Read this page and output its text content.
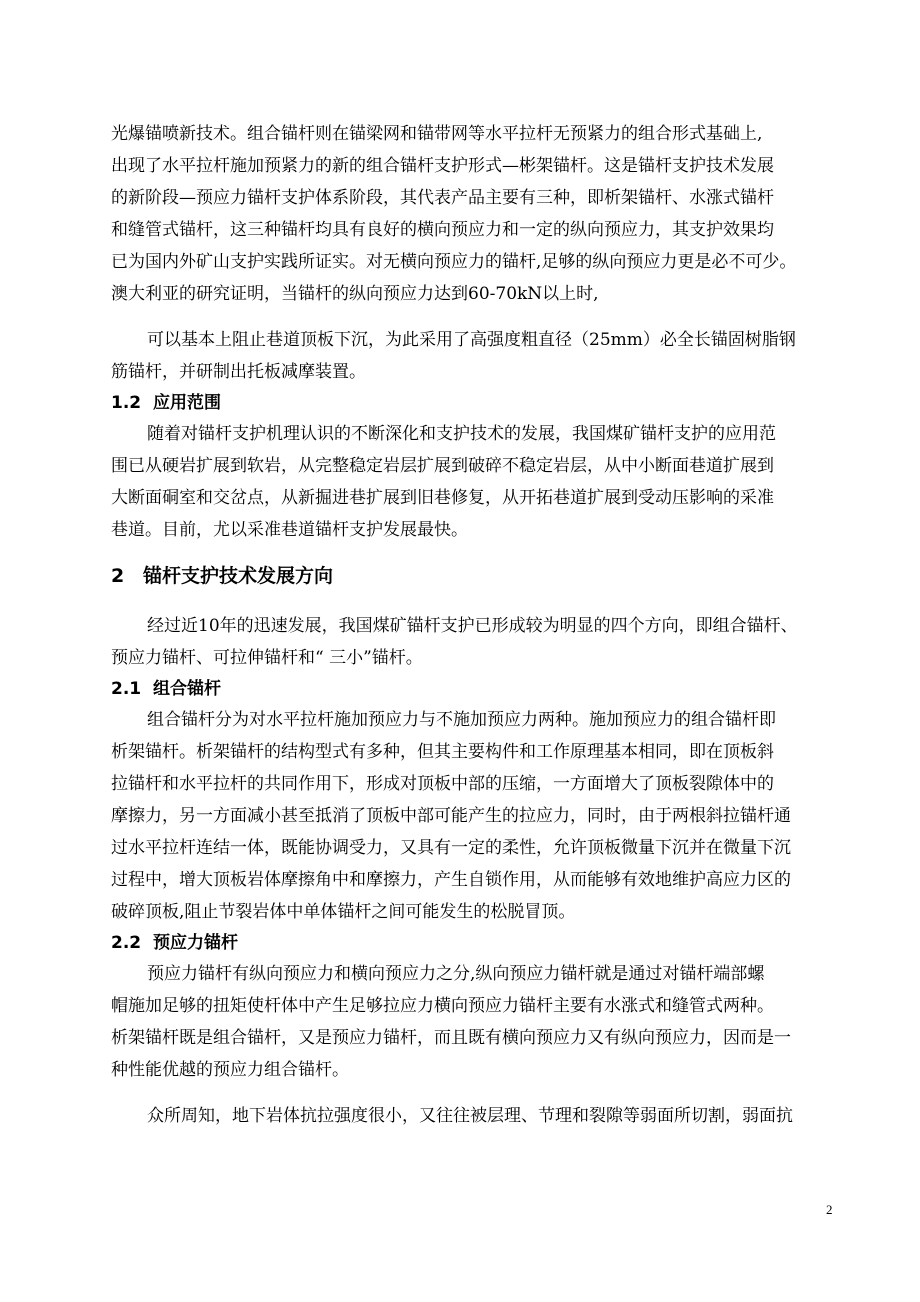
光爆锚喷新技术。组合锚杆则在锚梁网和锚带网等水平拉杆无预紧力的组合形式基础上,
出现了水平拉杆施加预紧力的新的组合锚杆支护形式—彬架锚杆。这是锚杆支护技术发展
的新阶段—预应力锚杆支护体系阶段，其代表产品主要有三种，即析架锚杆、水涨式锚杆
和缝管式锚杆，这三种锚杆均具有良好的横向预应力和一定的纵向预应力，其支护效果均
已为国内外矿山支护实践所证实。对无横向预应力的锚杆,足够的纵向预应力更是必不可少。
澳大利亚的研究证明，当锚杆的纵向预应力达到60-70kN以上时,

可以基本上阻止巷道顶板下沉，为此采用了高强度粗直径（25mm）必全长锚固树脂钢
筋锚杆，并研制出托板减摩装置。

1.2 应用范围

随着对锚杆支护机理认识的不断深化和支护技术的发展，我国煤矿锚杆支护的应用范
围已从硬岩扩展到软岩，从完整稳定岩层扩展到破碎不稳定岩层，从中小断面巷道扩展到
大断面硐室和交岔点，从新掘进巷扩展到旧巷修复，从开拓巷道扩展到受动压影响的采准
巷道。目前，尤以采准巷道锚杆支护发展最快。

2 锚杆支护技术发展方向

经过近10年的迅速发展，我国煤矿锚杆支护已形成较为明显的四个方向，即组合锚杆、
预应力锚杆、可拉伸锚杆和“ 三小”锚杆。

2.1 组合锚杆

组合锚杆分为对水平拉杆施加预应力与不施加预应力两种。施加预应力的组合锚杆即
析架锚杆。析架锚杆的结构型式有多种，但其主要构件和工作原理基本相同，即在顶板斜
拉锚杆和水平拉杆的共同作用下，形成对顶板中部的压缩，一方面增大了顶板裂隙体中的
摩擦力，另一方面减小甚至抵消了顶板中部可能产生的拉应力，同时，由于两根斜拉锚杆通
过水平拉杆连结一体，既能协调受力，又具有一定的柔性，允许顶板微量下沉并在微量下沉
过程中，增大顶板岩体摩擦角中和摩擦力，产生自锁作用，从而能够有效地维护高应力区的
破碎顶板,阻止节裂岩体中单体锚杆之间可能发生的松脱冒顶。

2.2 预应力锚杆

预应力锚杆有纵向预应力和横向预应力之分,纵向预应力锚杆就是通过对锚杆端部螺
帽施加足够的扭矩使杆体中产生足够拉应力横向预应力锚杆主要有水涨式和缝管式两种。
析架锚杆既是组合锚杆，又是预应力锚杆，而且既有横向预应力又有纵向预应力，因而是一
种性能优越的预应力组合锚杆。

众所周知，地下岩体抗拉强度很小，又往往被层理、节理和裂隙等弱面所切割，弱面抗

2
